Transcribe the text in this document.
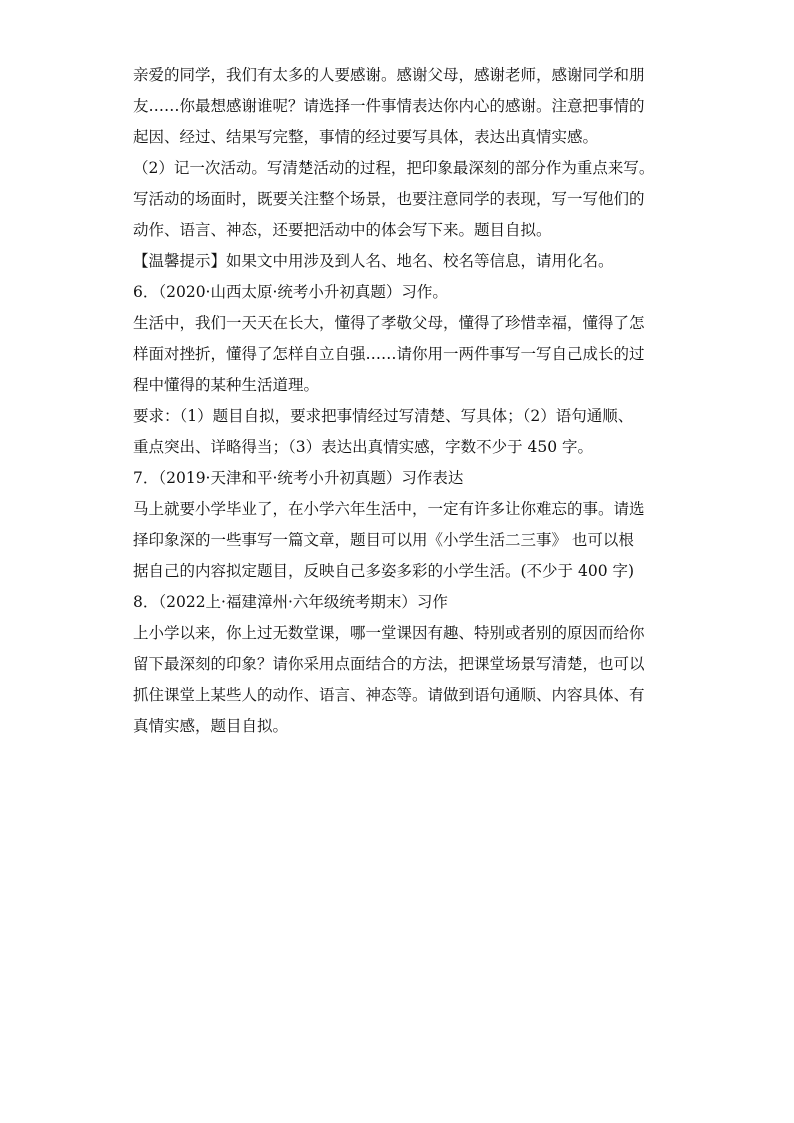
亲爱的同学，我们有太多的人要感谢。感谢父母，感谢老师，感谢同学和朋
友……你最想感谢谁呢？请选择一件事情表达你内心的感谢。注意把事情的
起因、经过、结果写完整，事情的经过要写具体，表达出真情实感。
（2）记一次活动。写清楚活动的过程，把印象最深刻的部分作为重点来写。
写活动的场面时，既要关注整个场景，也要注意同学的表现，写一写他们的
动作、语言、神态，还要把活动中的体会写下来。题目自拟。
【温馨提示】如果文中用涉及到人名、地名、校名等信息，请用化名。
6．（2020·山西太原·统考小升初真题）习作。
生活中，我们一天天在长大，懂得了孝敬父母，懂得了珍惜幸福，懂得了怎
样面对挫折，懂得了怎样自立自强……请你用一两件事写一写自己成长的过
程中懂得的某种生活道理。
要求：（1）题目自拟，要求把事情经过写清楚、写具体；（2）语句通顺、
重点突出、详略得当；（3）表达出真情实感，字数不少于 450 字。
7．（2019·天津和平·统考小升初真题）习作表达
马上就要小学毕业了，在小学六年生活中，一定有许多让你难忘的事。请选
择印象深的一些事写一篇文章，题目可以用《小学生活二三事》 也可以根
据自己的内容拟定题目，反映自己多姿多彩的小学生活。(不少于 400 字)
8．（2022上·福建漳州·六年级统考期末）习作
上小学以来，你上过无数堂课，哪一堂课因有趣、特别或者别的原因而给你
留下最深刻的印象？请你采用点面结合的方法，把课堂场景写清楚，也可以
抓住课堂上某些人的动作、语言、神态等。请做到语句通顺、内容具体、有
真情实感，题目自拟。
